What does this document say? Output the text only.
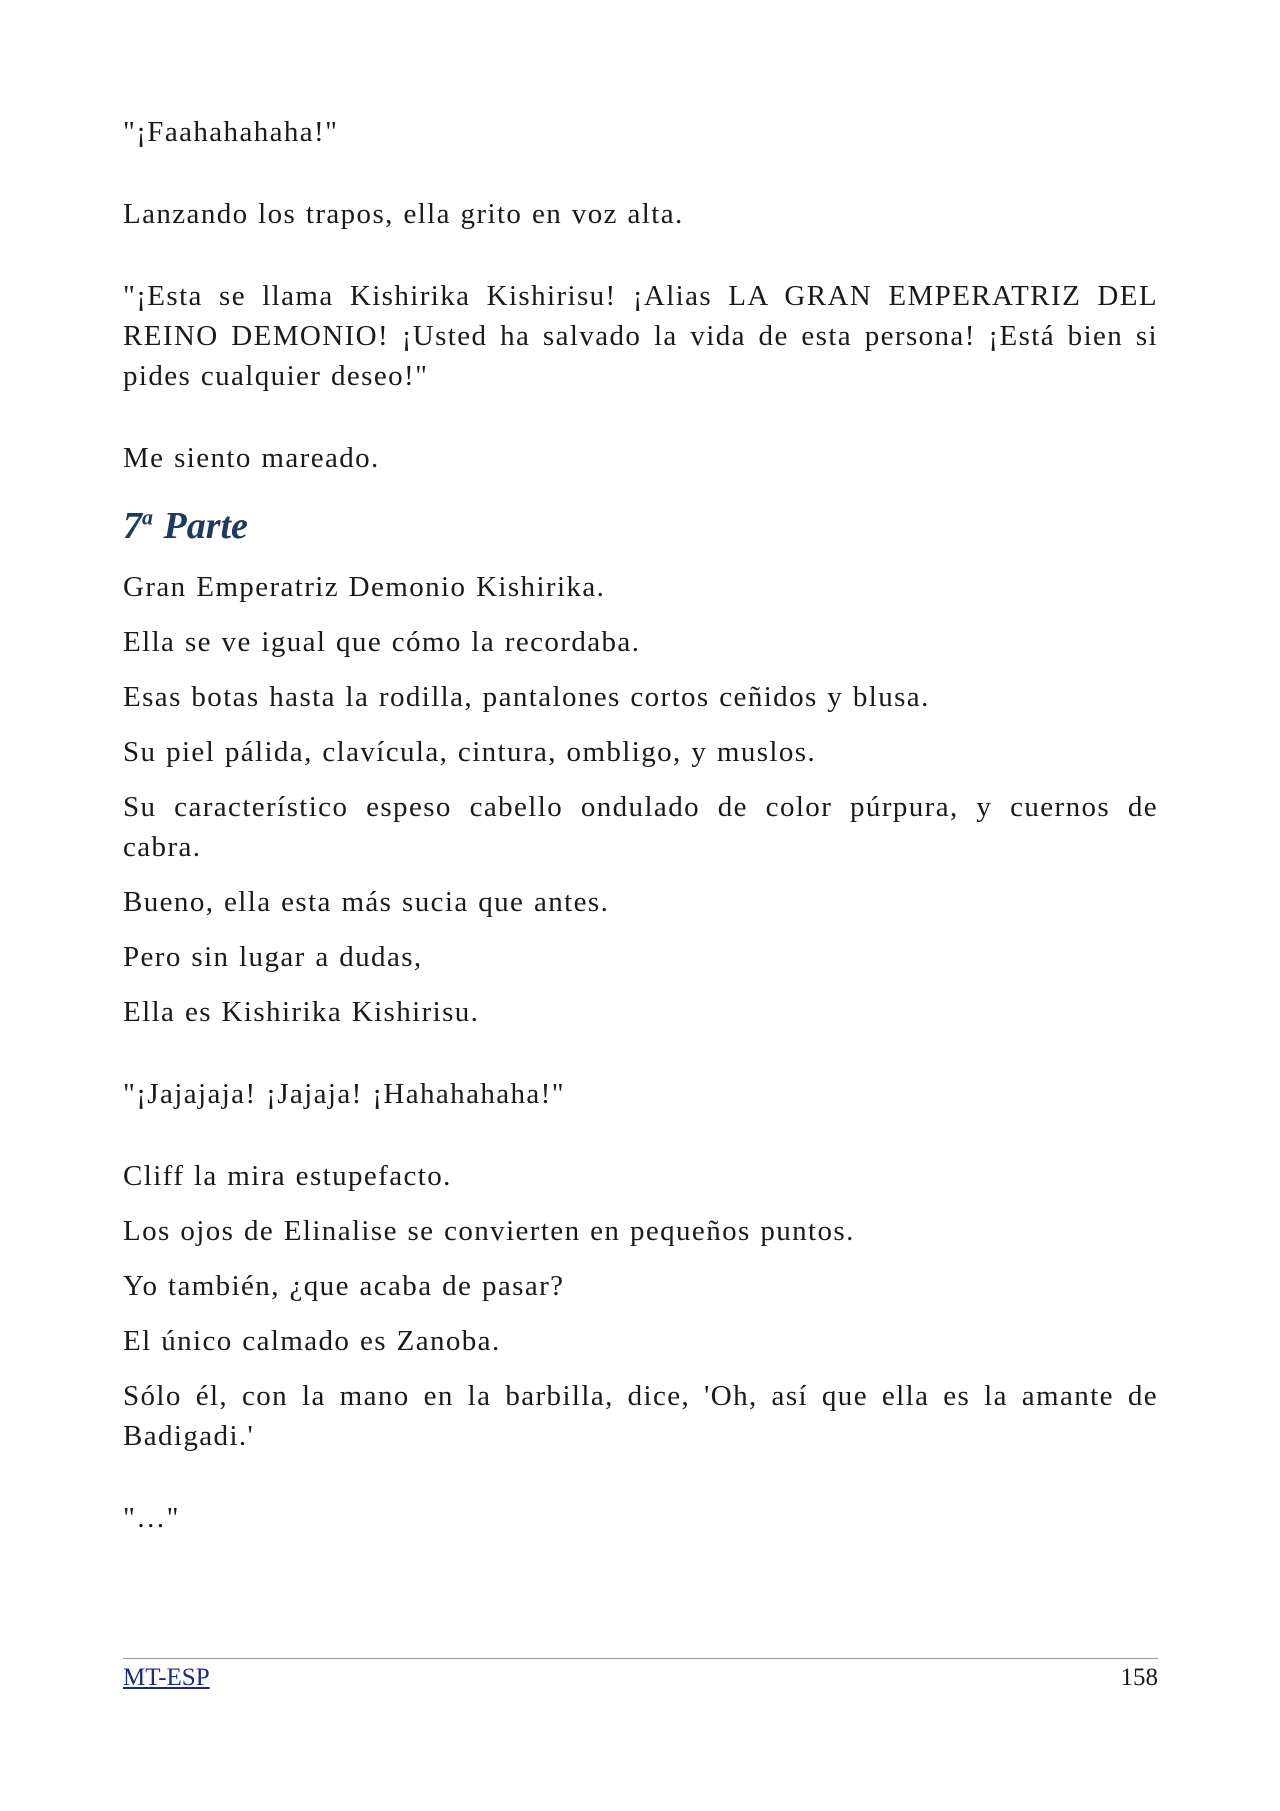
"¡Faahahahaha!"

Lanzando los trapos, ella grito en voz alta.

"¡Esta se llama Kishirika Kishirisu! ¡Alias LA GRAN EMPERATRIZ DEL REINO DEMONIO! ¡Usted ha salvado la vida de esta persona! ¡Está bien si pides cualquier deseo!"

Me siento mareado.

7$^a$ Parte

Gran Emperatriz Demonio Kishirika.

Ella se ve igual que cómo la recordaba.

Esas botas hasta la rodilla, pantalones cortos ceñidos y blusa.

Su piel pálida, clavícula, cintura, ombligo, y muslos.

Su característico espeso cabello ondulado de color púrpura, y cuernos de cabra.

Bueno, ella esta más sucia que antes.

Pero sin lugar a dudas,

Ella es Kishirika Kishirisu.

"¡Jajajaja! ¡Jajaja! ¡Hahahahaha!"

Cliff la mira estupefacto.

Los ojos de Elinalise se convierten en pequeños puntos.

Yo también, ¿que acaba de pasar?

El único calmado es Zanoba.

Sólo él, con la mano en la barbilla, dice, 'Oh, así que ella es la amante de Badigadi.'

"…"

MT-ESP	158
